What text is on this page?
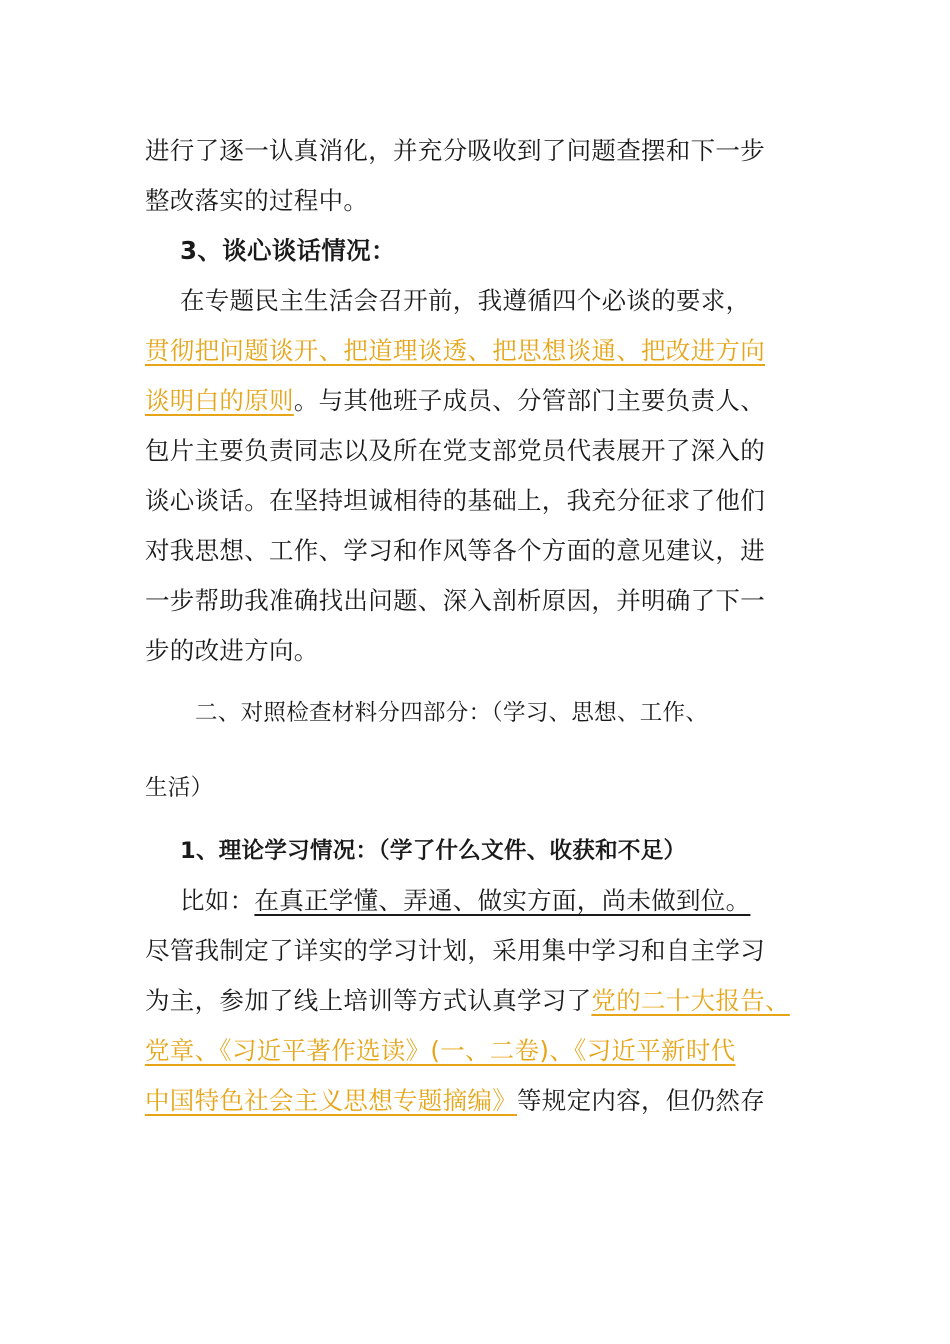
进行了逐一认真消化，并充分吸收到了问题查摆和下一步
整改落实的过程中。
3、谈心谈话情况：
在专题民主生活会召开前，我遵循四个必谈的要求，
贯彻把问题谈开、把道理谈透、把思想谈通、把改进方向
谈明白的原则。与其他班子成员、分管部门主要负责人、
包片主要负责同志以及所在党支部党员代表展开了深入的
谈心谈话。在坚持坦诚相待的基础上，我充分征求了他们
对我思想、工作、学习和作风等各个方面的意见建议，进
一步帮助我准确找出问题、深入剖析原因，并明确了下一
步的改进方向。
二、对照检查材料分四部分：（学习、思想、工作、
生活）
1、理论学习情况：（学了什么文件、收获和不足）
比如：在真正学懂、弄通、做实方面，尚未做到位。
尽管我制定了详实的学习计划，采用集中学习和自主学习
为主，参加了线上培训等方式认真学习了党的二十大报告、
党章、《习近平著作选读》(一、二卷)、《习近平新时代
中国特色社会主义思想专题摘编》等规定内容，但仍然存
